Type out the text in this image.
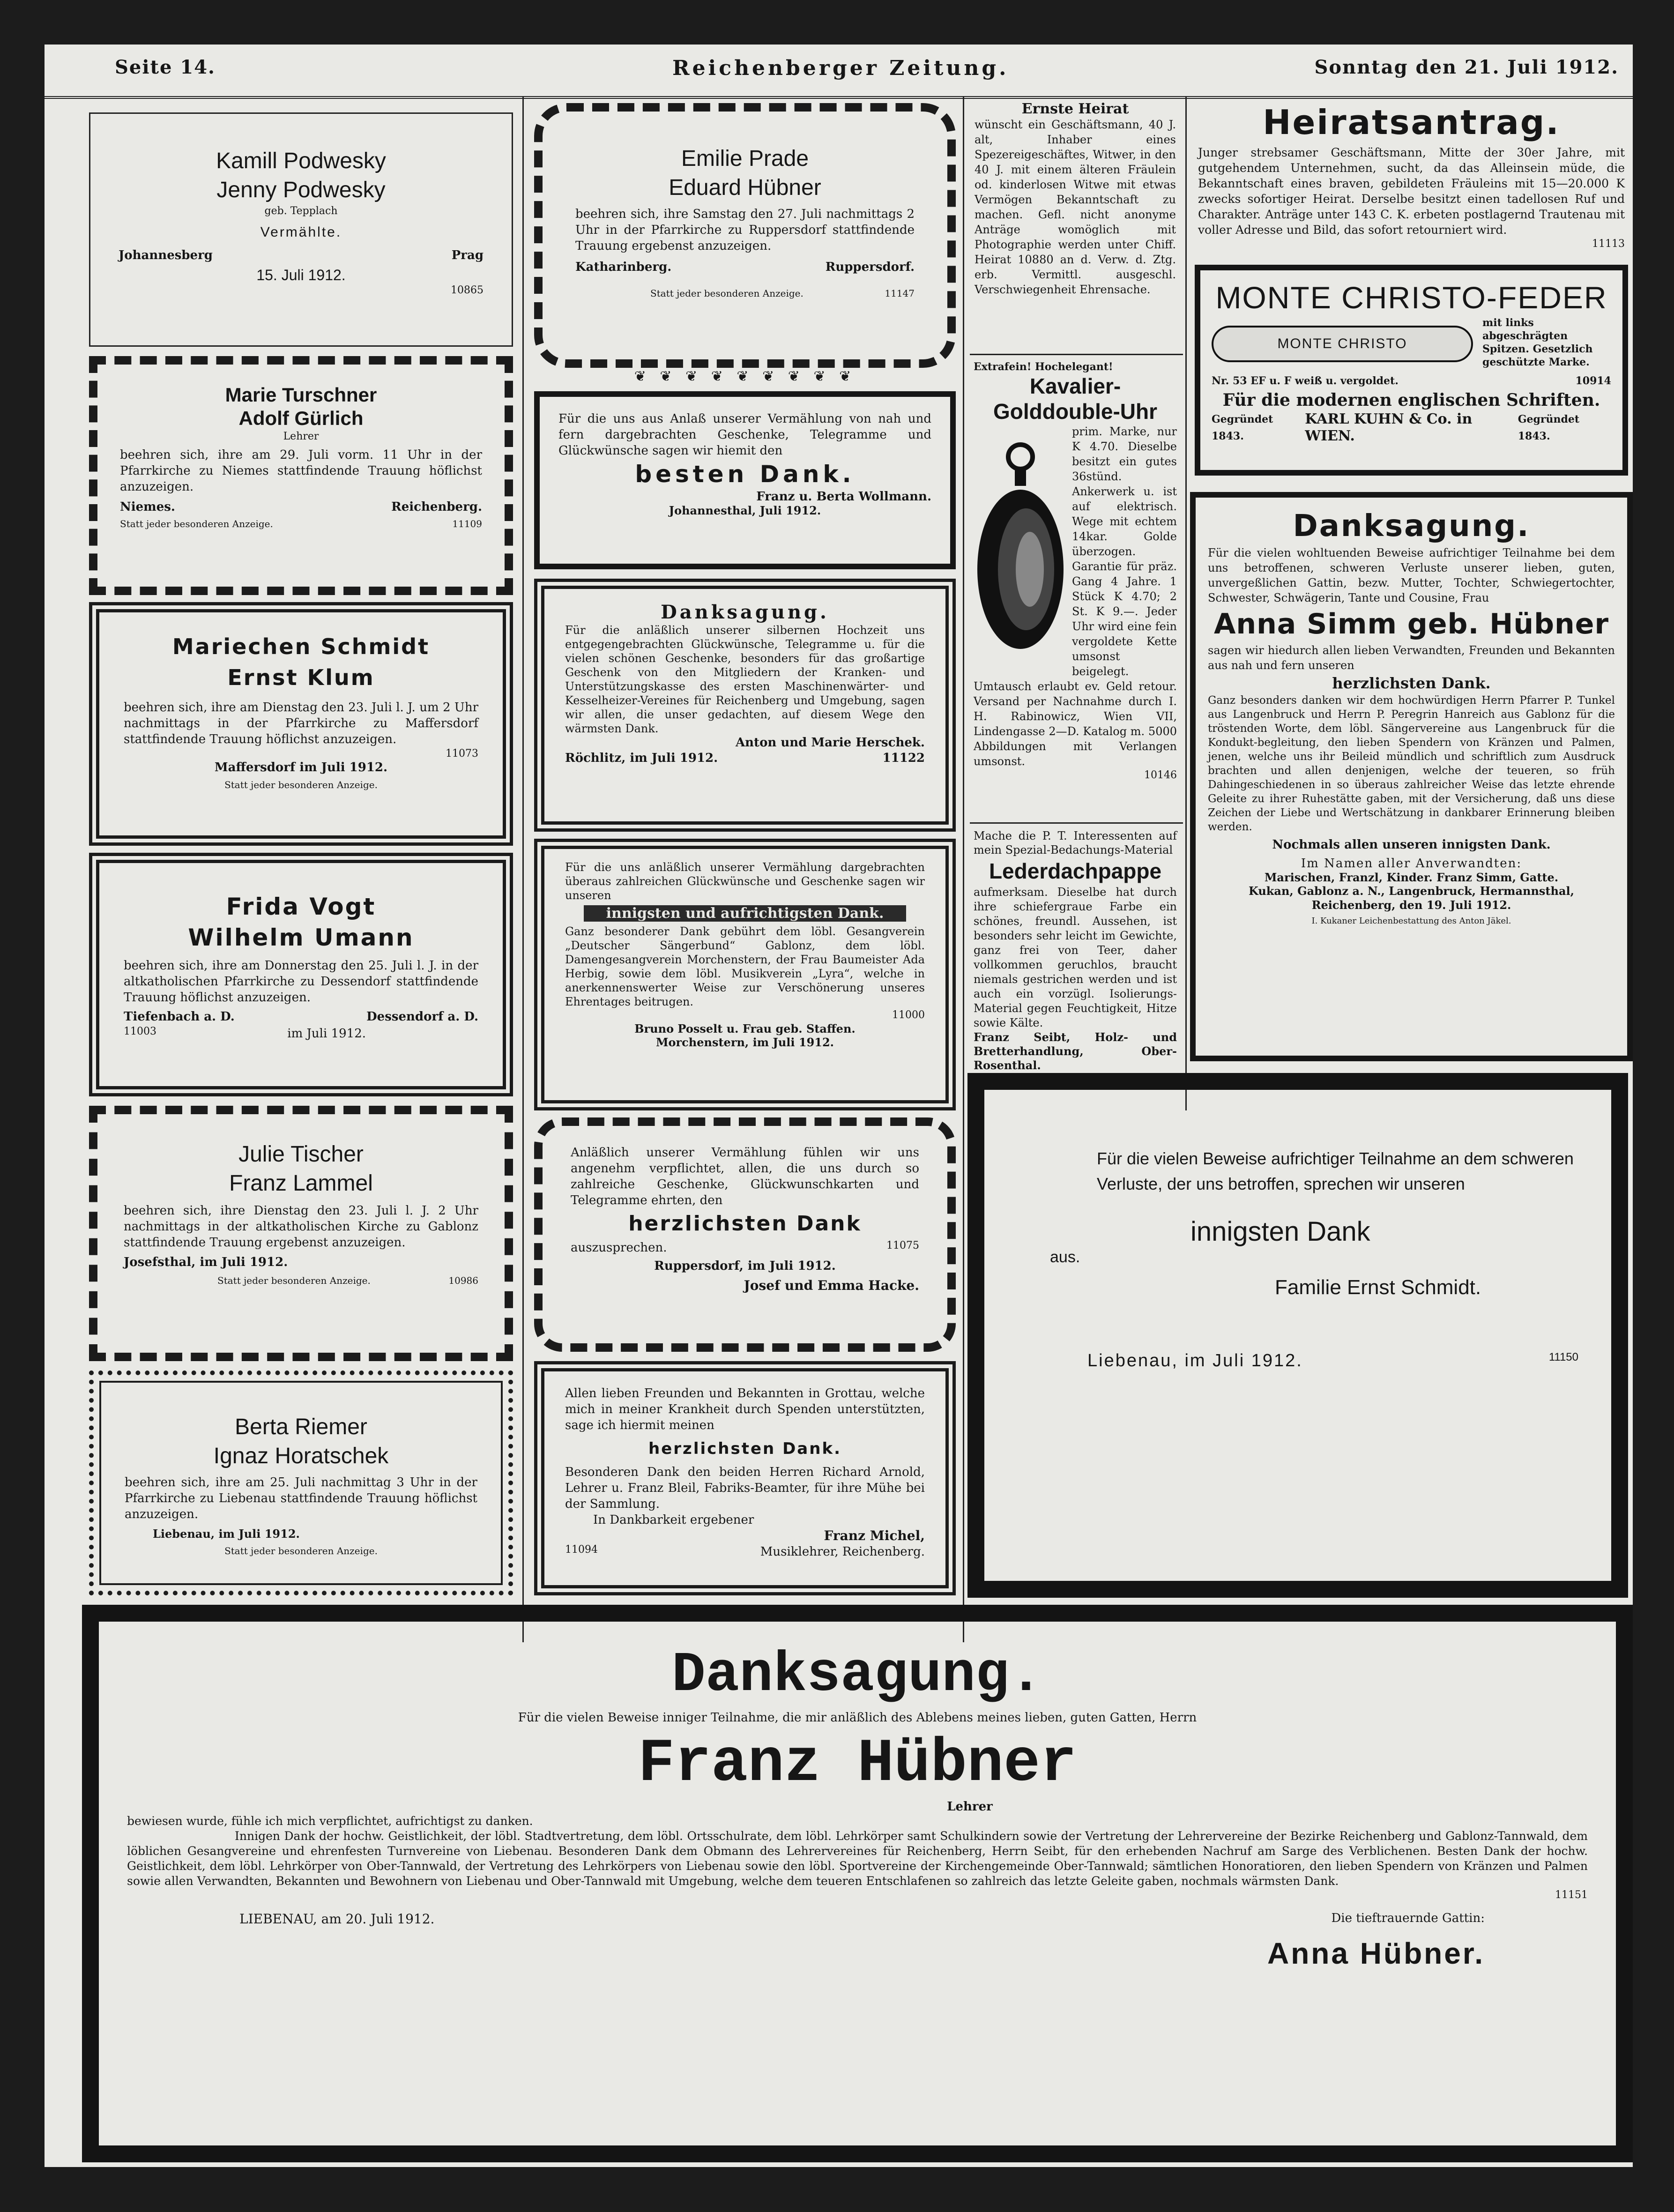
Seite 14.	Reichenberger Zeitung.	Sonntag den 21. Juli 1912.
Kamill Podwesky
Jenny Podwesky
geb. Tepplach
Vermählte.
Johannesberg	Prag
15. Juli 1912.
10865
Marie Turschner
Adolf Gürlich
Lehrer
beehren sich, ihre am 29. Juli vorm. 11 Uhr in der Pfarrkirche zu Niemes stattfindende Trauung höflichst anzuzeigen.
Niemes.	Reichenberg.
Statt jeder besonderen Anzeige.	11109
Mariechen Schmidt
Ernst Klum
beehren sich, ihre am Dienstag den 23. Juli l. J. um 2 Uhr nachmittags in der Pfarrkirche zu Maffersdorf stattfindende Trauung höflichst anzuzeigen.
11073
Maffersdorf im Juli 1912.
Statt jeder besonderen Anzeige.
Frida Vogt
Wilhelm Umann
beehren sich, ihre am Donnerstag den 25. Juli l. J. in der altkatholischen Pfarrkirche zu Dessendorf stattfindende Trauung höflichst anzuzeigen.
Tiefenbach a. D.	Dessendorf a. D.
11003	im Juli 1912.
Julie Tischer
Franz Lammel
beehren sich, ihre Dienstag den 23. Juli l. J. 2 Uhr nachmittags in der altkatholischen Kirche zu Gablonz stattfindende Trauung ergebenst anzuzeigen.
Josefsthal, im Juli 1912.
Statt jeder besonderen Anzeige.	10986
Berta Riemer
Ignaz Horatschek
beehren sich, ihre am 25. Juli nachmittag 3 Uhr in der Pfarrkirche zu Liebenau stattfindende Trauung höflichst anzuzeigen.
Liebenau, im Juli 1912.
Statt jeder besonderen Anzeige.
Emilie Prade
Eduard Hübner
beehren sich, ihre Samstag den 27. Juli nachmittags 2 Uhr in der Pfarrkirche zu Ruppersdorf stattfindende Trauung ergebenst anzuzeigen.
Katharinberg.	Ruppersdorf.
Statt jeder besonderen Anzeige.	11147
❦ ❦ ❦ ❦ ❦ ❦ ❦ ❦ ❦
Für die uns aus Anlaß unserer Vermählung von nah und fern dargebrachten Geschenke, Telegramme und Glückwünsche sagen wir hiemit den
besten Dank.
Franz u. Berta Wollmann.
Johannesthal, Juli 1912.
Danksagung.
Für die anläßlich unserer silbernen Hochzeit uns entgegengebrachten Glückwünsche, Telegramme u. für die vielen schönen Geschenke, besonders für das großartige Geschenk von den Mitgliedern der Kranken- und Unterstützungskasse des ersten Maschinenwärter- und Kesselheizer-Vereines für Reichenberg und Umgebung, sagen wir allen, die unser gedachten, auf diesem Wege den wärmsten Dank.
Anton und Marie Herschek.
Röchlitz, im Juli 1912.	11122
Für die uns anläßlich unserer Vermählung dargebrachten überaus zahlreichen Glückwünsche und Geschenke sagen wir unseren
innigsten und aufrichtigsten Dank.
Ganz besonderer Dank gebührt dem löbl. Gesangverein „Deutscher Sängerbund“ Gablonz, dem löbl. Damengesangverein Morchenstern, der Frau Baumeister Ada Herbig, sowie dem löbl. Musikverein „Lyra“, welche in anerkennenswerter Weise zur Verschönerung unseres Ehrentages beitrugen.
11000
Bruno Posselt u. Frau geb. Staffen.
Morchenstern, im Juli 1912.
Anläßlich unserer Vermählung fühlen wir uns angenehm verpflichtet, allen, die uns durch so zahlreiche Geschenke, Glückwunschkarten und Telegramme ehrten, den
herzlichsten Dank
auszusprechen.	11075
Ruppersdorf, im Juli 1912.
Josef und Emma Hacke.
Allen lieben Freunden und Bekannten in Grottau, welche mich in meiner Krankheit durch Spenden unterstützten, sage ich hiermit meinen
herzlichsten Dank.
Besonderen Dank den beiden Herren Richard Arnold, Lehrer u. Franz Bleil, Fabriks-Beamter, für ihre Mühe bei der Sammlung.
In Dankbarkeit ergebener
Franz Michel,
11094	Musiklehrer, Reichenberg.
Ernste Heirat
wünscht ein Geschäftsmann, 40 J. alt, Inhaber eines Spezereigeschäftes, Witwer, in den 40 J. mit einem älteren Fräulein od. kinderlosen Witwe mit etwas Vermögen Bekanntschaft zu machen. Gefl. nicht anonyme Anträge womöglich mit Photographie werden unter Chiff. Heirat 10880 an d. Verw. d. Ztg. erb. Vermittl. ausgeschl. Verschwiegenheit Ehrensache.
Extrafein! Hochelegant!
Kavalier-Golddouble-Uhr
prim. Marke, nur K 4.70. Dieselbe besitzt ein gutes 36stünd. Ankerwerk u. ist auf elektrisch. Wege mit echtem 14kar. Golde überzogen. Garantie für präz. Gang 4 Jahre. 1 Stück K 4.70; 2 St. K 9.—. Jeder Uhr wird eine fein vergoldete Kette umsonst beigelegt. Umtausch erlaubt ev. Geld retour. Versand per Nachnahme durch I. H. Rabinowicz, Wien VII, Lindengasse 2—D. Katalog m. 5000 Abbildungen mit Verlangen umsonst.
10146
Mache die P. T. Interessenten auf mein Spezial-Bedachungs-Material
Lederdachpappe
aufmerksam. Dieselbe hat durch ihre schiefergraue Farbe ein schönes, freundl. Aussehen, ist besonders sehr leicht im Gewichte, ganz frei von Teer, daher vollkommen geruchlos, braucht niemals gestrichen werden und ist auch ein vorzügl. Isolierungs-Material gegen Feuchtigkeit, Hitze sowie Kälte.
Franz Seibt, Holz- und Bretterhandlung, Ober-Rosenthal.
Telephonanruf 79.	10705
Heiratsantrag.
Junger strebsamer Geschäftsmann, Mitte der 30er Jahre, mit gutgehendem Unternehmen, sucht, da das Alleinsein müde, die Bekanntschaft eines braven, gebildeten Fräuleins mit 15—20.000 K zwecks sofortiger Heirat. Derselbe besitzt einen tadellosen Ruf und Charakter. Anträge unter 143 C. K. erbeten postlagernd Trautenau mit voller Adresse und Bild, das sofort retourniert wird.
11113
MONTE CHRISTO-FEDER
MONTE CHRISTO
mit links abgeschrägten Spitzen. Gesetzlich geschützte Marke.
Nr. 53 EF u. F weiß u. vergoldet.	10914
Für die modernen englischen Schriften.
Gegründet 1843.
KARL KUHN & Co. in WIEN.
Gegründet 1843.
Danksagung.
Für die vielen wohltuenden Beweise aufrichtiger Teilnahme bei dem uns betroffenen, schweren Verluste unserer lieben, guten, unvergeßlichen Gattin, bezw. Mutter, Tochter, Schwiegertochter, Schwester, Schwägerin, Tante und Cousine, Frau
Anna Simm geb. Hübner
sagen wir hiedurch allen lieben Verwandten, Freunden und Bekannten aus nah und fern unseren
herzlichsten Dank.
Ganz besonders danken wir dem hochwürdigen Herrn Pfarrer P. Tunkel aus Langenbruck und Herrn P. Peregrin Hanreich aus Gablonz für die tröstenden Worte, dem löbl. Sängervereine aus Langenbruck für die Kondukt-begleitung, den lieben Spendern von Kränzen und Palmen, jenen, welche uns ihr Beileid mündlich und schriftlich zum Ausdruck brachten und allen denjenigen, welche der teueren, so früh Dahingeschiedenen in so überaus zahlreicher Weise das letzte ehrende Geleite zu ihrer Ruhestätte gaben, mit der Versicherung, daß uns diese Zeichen der Liebe und Wertschätzung in dankbarer Erinnerung bleiben werden.
Nochmals allen unseren innigsten Dank.
Im Namen aller Anverwandten:
Marischen, Franzl, Kinder. Franz Simm, Gatte.
Kukan, Gablonz a. N., Langenbruck, Hermannsthal, Reichenberg, den 19. Juli 1912.
I. Kukaner Leichenbestattung des Anton Jäkel.
Für die vielen Beweise aufrichtiger Teilnahme an dem schweren Verluste, der uns betroffen, sprechen wir unseren
innigsten Dank
aus.
Familie Ernst Schmidt.
Liebenau, im Juli 1912.	11150
Danksagung.
Für die vielen Beweise inniger Teilnahme, die mir anläßlich des Ablebens meines lieben, guten Gatten, Herrn
Franz Hübner
Lehrer
bewiesen wurde, fühle ich mich verpflichtet, aufrichtigst zu danken.
Innigen Dank der hochw. Geistlichkeit, der löbl. Stadtvertretung, dem löbl. Ortsschulrate, dem löbl. Lehrkörper samt Schulkindern sowie der Vertretung der Lehrervereine der Bezirke Reichenberg und Gablonz-Tannwald, dem löblichen Gesangvereine und ehrenfesten Turnvereine von Liebenau. Besonderen Dank dem Obmann des Lehrervereines für Reichenberg, Herrn Seibt, für den erhebenden Nachruf am Sarge des Verblichenen. Besten Dank der hochw. Geistlichkeit, dem löbl. Lehrkörper von Ober-Tannwald, der Vertretung des Lehrkörpers von Liebenau sowie den löbl. Sportvereine der Kirchengemeinde Ober-Tannwald; sämtlichen Honoratioren, den lieben Spendern von Kränzen und Palmen sowie allen Verwandten, Bekannten und Bewohnern von Liebenau und Ober-Tannwald mit Umgebung, welche dem teueren Entschlafenen so zahlreich das letzte Geleite gaben, nochmals wärmsten Dank.
11151
LIEBENAU, am 20. Juli 1912.	Die tieftrauernde Gattin:
Anna Hübner.
